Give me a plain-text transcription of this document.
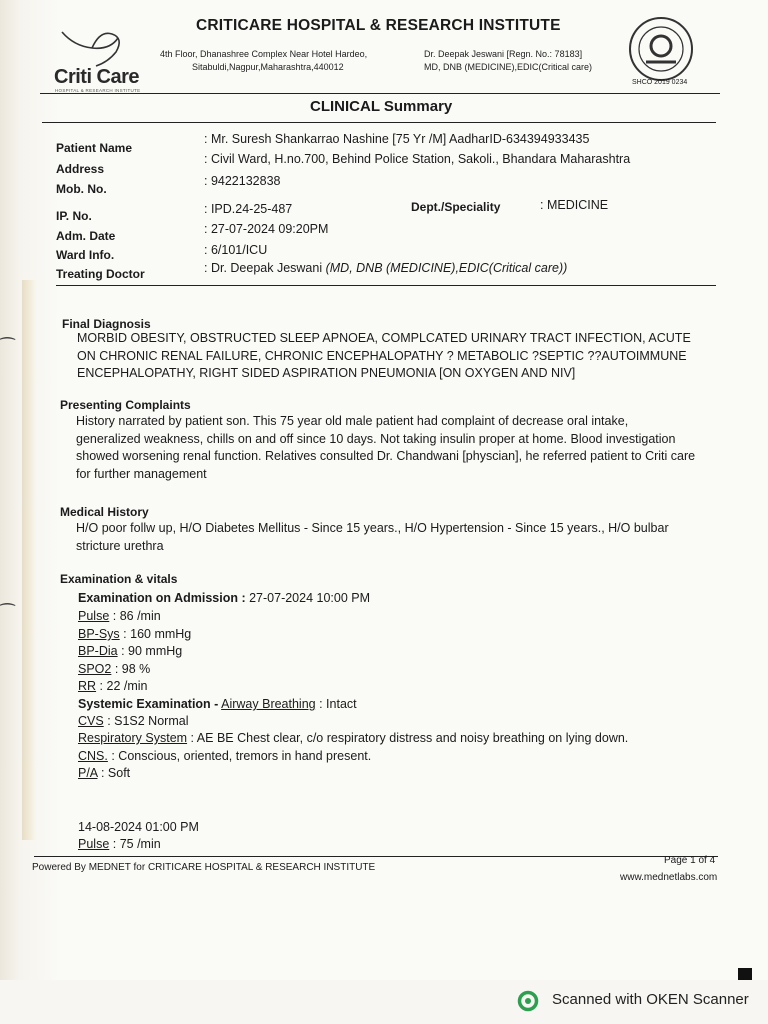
⁀
⁀
Criti Care
HOSPITAL & RESEARCH INSTITUTE
CRITICARE HOSPITAL & RESEARCH INSTITUTE
4th Floor, Dhanashree Complex Near Hotel Hardeo,
Sitabuldi,Nagpur,Maharashtra,440012
Dr. Deepak Jeswani [Regn. No.: 78183]
MD, DNB (MEDICINE),EDIC(Critical care)
SHCO 2019 0234
CLINICAL Summary
Patient Name
: Mr. Suresh Shankarrao Nashine [75 Yr /M] AadharID-634394933435
Address
: Civil Ward, H.no.700, Behind Police Station, Sakoli., Bhandara Maharashtra
Mob. No.
: 9422132838
IP. No.	: IPD.24-25-487	Dept./Speciality	: MEDICINE
Adm. Date	: 27-07-2024 09:20PM
Ward Info.	: 6/101/ICU
Treating Doctor	: Dr. Deepak Jeswani (MD, DNB (MEDICINE),EDIC(Critical care))
Final Diagnosis
MORBID OBESITY, OBSTRUCTED SLEEP APNOEA, COMPLCATED URINARY TRACT INFECTION, ACUTE ON CHRONIC RENAL FAILURE, CHRONIC ENCEPHALOPATHY ? METABOLIC ?SEPTIC ??AUTOIMMUNE ENCEPHALOPATHY, RIGHT SIDED ASPIRATION PNEUMONIA [ON OXYGEN AND NIV]
Presenting Complaints
History narrated by patient son. This 75 year old male patient had complaint of decrease oral intake, generalized weakness, chills on and off since 10 days. Not taking insulin proper at home. Blood investigation showed worsening renal function. Relatives consulted Dr. Chandwani [physcian], he referred patient to Criti care for further management
Medical History
H/O poor follw up, H/O Diabetes Mellitus - Since 15 years., H/O Hypertension - Since 15 years., H/O bulbar stricture urethra
Examination & vitals
Examination on Admission : 27-07-2024 10:00 PM
Pulse : 86 /min
BP-Sys : 160 mmHg
BP-Dia : 90 mmHg
SPO2 : 98 %
RR : 22 /min
Systemic Examination - Airway Breathing : Intact
CVS : S1S2 Normal
Respiratory System : AE BE Chest clear, c/o respiratory distress and noisy breathing on lying down.
CNS. : Conscious, oriented, tremors in hand present.
P/A : Soft
14-08-2024 01:00 PM
Pulse : 75 /min
Powered By MEDNET for CRITICARE HOSPITAL & RESEARCH INSTITUTE
Page 1 of 4
www.mednetlabs.com
Scanned with OKEN Scanner
